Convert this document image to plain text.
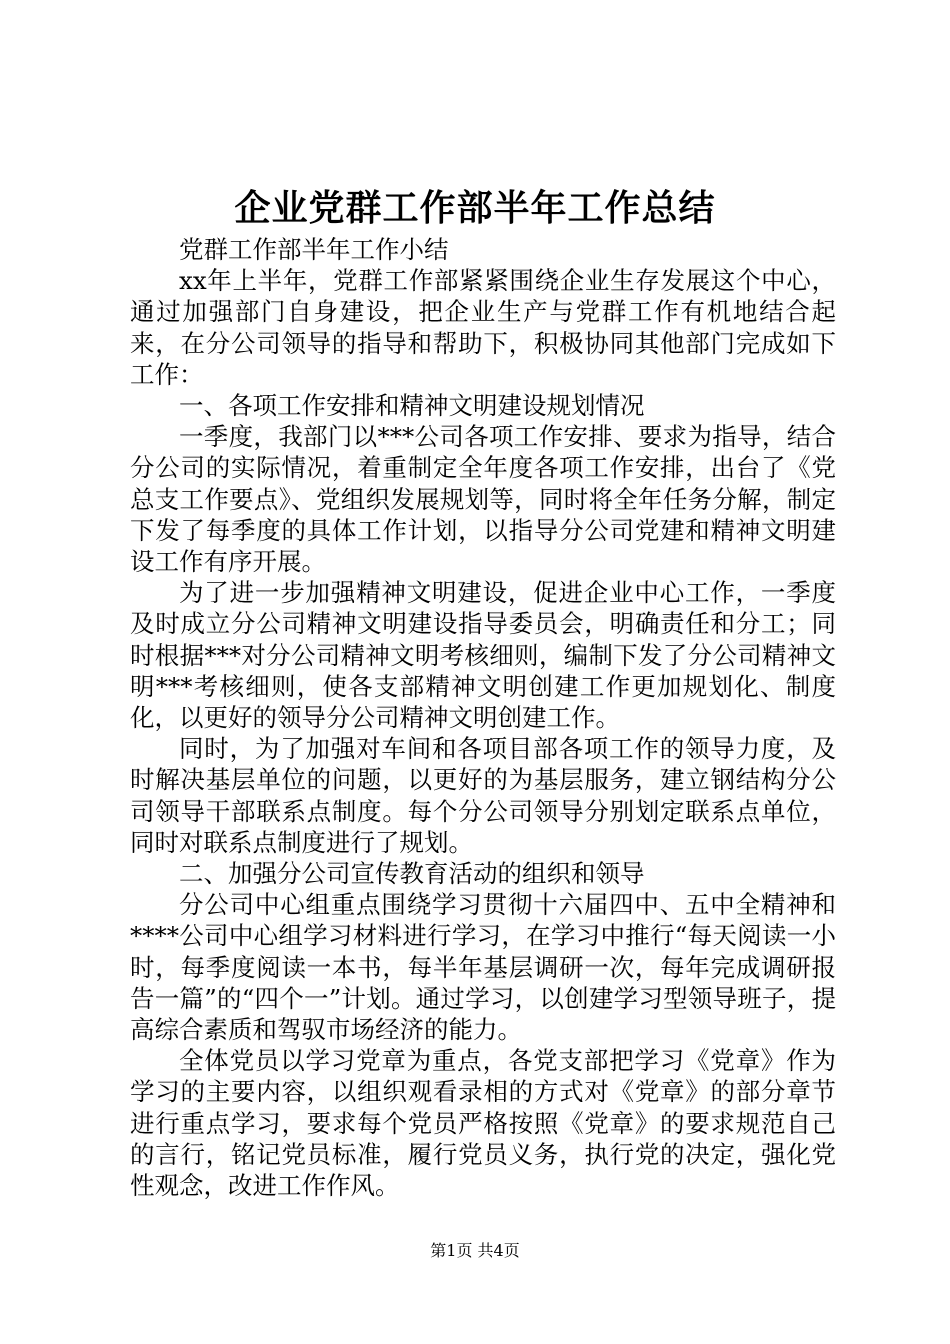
企业党群工作部半年工作总结

党群工作部半年工作小结

xx年上半年，党群工作部紧紧围绕企业生存发展这个中心，通过加强部门自身建设，把企业生产与党群工作有机地结合起来，在分公司领导的指导和帮助下，积极协同其他部门完成如下工作：

一、各项工作安排和精神文明建设规划情况

一季度，我部门以***公司各项工作安排、要求为指导，结合分公司的实际情况，着重制定全年度各项工作安排，出台了《党总支工作要点》、党组织发展规划等，同时将全年任务分解，制定下发了每季度的具体工作计划，以指导分公司党建和精神文明建设工作有序开展。

为了进一步加强精神文明建设，促进企业中心工作，一季度及时成立分公司精神文明建设指导委员会，明确责任和分工；同时根据***对分公司精神文明考核细则，编制下发了分公司精神文明***考核细则，使各支部精神文明创建工作更加规划化、制度化，以更好的领导分公司精神文明创建工作。

同时，为了加强对车间和各项目部各项工作的领导力度，及时解决基层单位的问题，以更好的为基层服务，建立钢结构分公司领导干部联系点制度。每个分公司领导分别划定联系点单位，同时对联系点制度进行了规划。

二、加强分公司宣传教育活动的组织和领导

分公司中心组重点围绕学习贯彻十六届四中、五中全精神和****公司中心组学习材料进行学习，在学习中推行“每天阅读一小时，每季度阅读一本书，每半年基层调研一次，每年完成调研报告一篇”的“四个一”计划。通过学习，以创建学习型领导班子，提高综合素质和驾驭市场经济的能力。

全体党员以学习党章为重点，各党支部把学习《党章》作为学习的主要内容，以组织观看录相的方式对《党章》的部分章节进行重点学习，要求每个党员严格按照《党章》的要求规范自己的言行，铭记党员标准，履行党员义务，执行党的决定，强化党性观念，改进工作作风。

第1页 共4页
